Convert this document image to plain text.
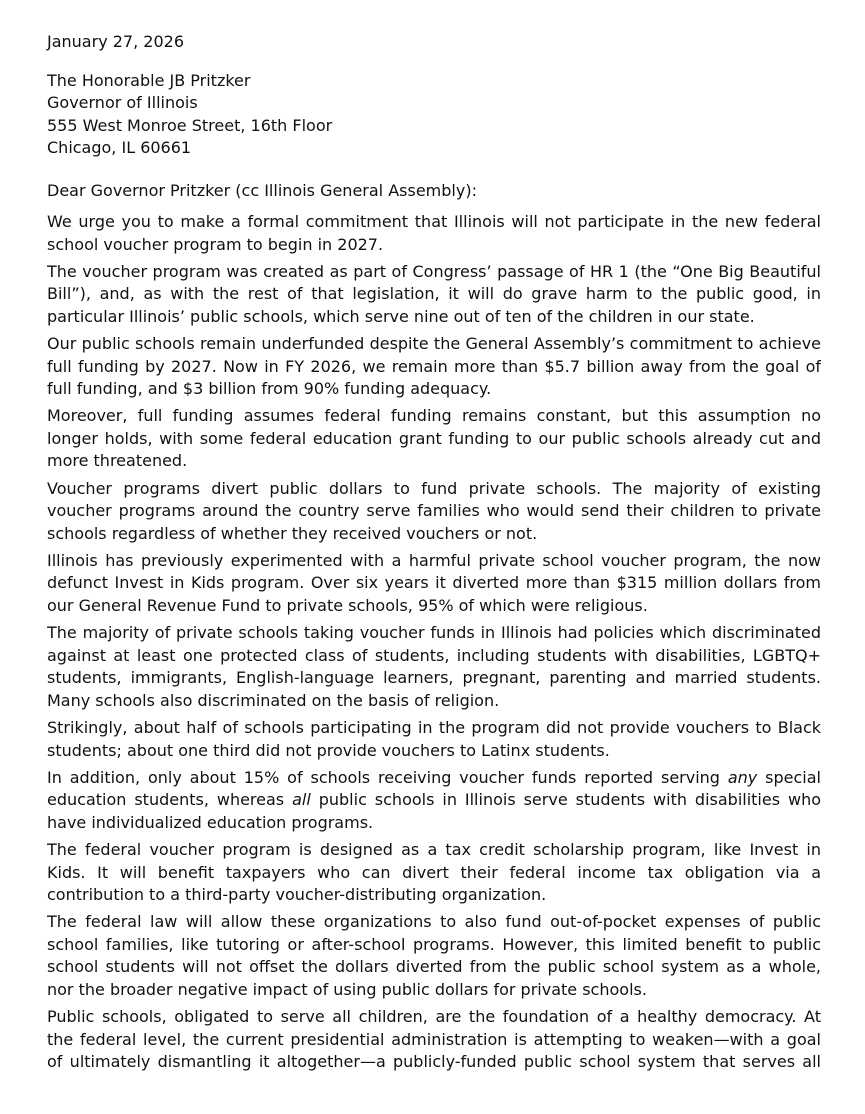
January 27, 2026
The Honorable JB Pritzker
Governor of Illinois
555 West Monroe Street, 16th Floor
Chicago, IL 60661
Dear Governor Pritzker (cc Illinois General Assembly):
We urge you to make a formal commitment that Illinois will not participate in the new federal
school voucher program to begin in 2027.
The voucher program was created as part of Congress’ passage of HR 1 (the “One Big Beautiful
Bill”), and, as with the rest of that legislation, it will do grave harm to the public good, in
particular Illinois’ public schools, which serve nine out of ten of the children in our state.
Our public schools remain underfunded despite the General Assembly’s commitment to achieve
full funding by 2027. Now in FY 2026, we remain more than $5.7 billion away from the goal of
full funding, and $3 billion from 90% funding adequacy.
Moreover, full funding assumes federal funding remains constant, but this assumption no
longer holds, with some federal education grant funding to our public schools already cut and
more threatened.
Voucher programs divert public dollars to fund private schools. The majority of existing
voucher programs around the country serve families who would send their children to private
schools regardless of whether they received vouchers or not.
Illinois has previously experimented with a harmful private school voucher program, the now
defunct Invest in Kids program. Over six years it diverted more than $315 million dollars from
our General Revenue Fund to private schools, 95% of which were religious.
The majority of private schools taking voucher funds in Illinois had policies which discriminated
against at least one protected class of students, including students with disabilities, LGBTQ+
students, immigrants, English-language learners, pregnant, parenting and married students.
Many schools also discriminated on the basis of religion.
Strikingly, about half of schools participating in the program did not provide vouchers to Black
students; about one third did not provide vouchers to Latinx students.
In addition, only about 15% of schools receiving voucher funds reported serving any special
education students, whereas all public schools in Illinois serve students with disabilities who
have individualized education programs.
The federal voucher program is designed as a tax credit scholarship program, like Invest in
Kids. It will benefit taxpayers who can divert their federal income tax obligation via a
contribution to a third-party voucher-distributing organization.
The federal law will allow these organizations to also fund out-of-pocket expenses of public
school families, like tutoring or after-school programs. However, this limited benefit to public
school students will not offset the dollars diverted from the public school system as a whole,
nor the broader negative impact of using public dollars for private schools.
Public schools, obligated to serve all children, are the foundation of a healthy democracy. At
the federal level, the current presidential administration is attempting to weaken—with a goal
of ultimately dismantling it altogether—a publicly-funded public school system that serves all
